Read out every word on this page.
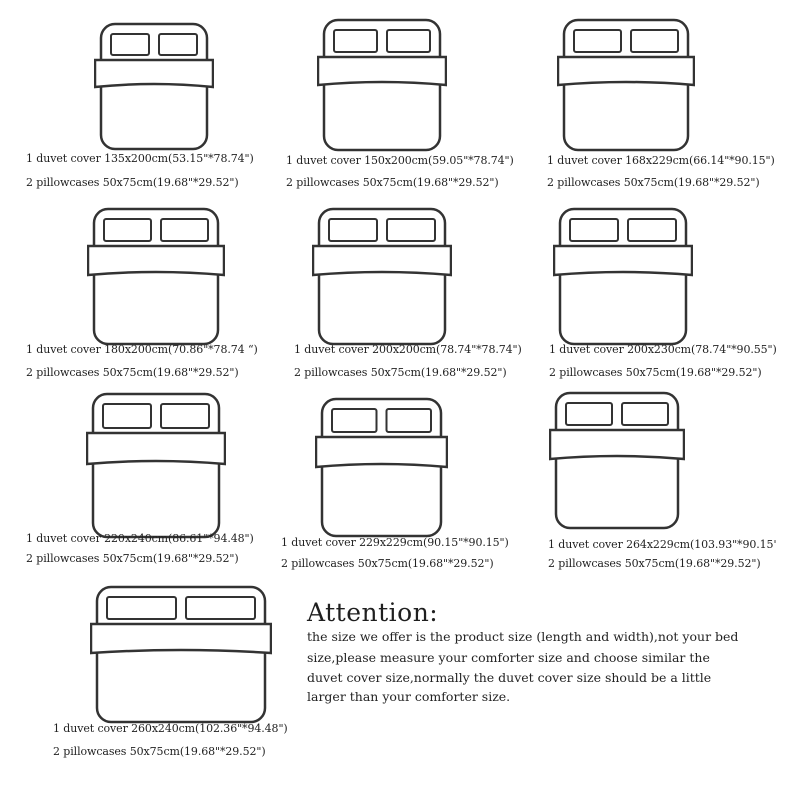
1 duvet cover 135x200cm(53.15"*78.74")
2 pillowcases 50x75cm(19.68"*29.52")
1 duvet cover 150x200cm(59.05"*78.74")
2 pillowcases 50x75cm(19.68"*29.52")
1 duvet cover 168x229cm(66.14"*90.15")
2 pillowcases 50x75cm(19.68"*29.52")
1 duvet cover 180x200cm(70.86"*78.74 “)
2 pillowcases 50x75cm(19.68"*29.52")
1 duvet cover 200x200cm(78.74"*78.74")
2 pillowcases 50x75cm(19.68"*29.52")
1 duvet cover 200x230cm(78.74"*90.55")
2 pillowcases 50x75cm(19.68"*29.52")
1 duvet cover 220x240cm(86.61"*94.48")
2 pillowcases 50x75cm(19.68"*29.52")
1 duvet cover 229x229cm(90.15"*90.15")
2 pillowcases 50x75cm(19.68"*29.52")
1 duvet cover 264x229cm(103.93"*90.15'
2 pillowcases 50x75cm(19.68"*29.52")
1 duvet cover 260x240cm(102.36"*94.48")
2 pillowcases 50x75cm(19.68"*29.52")
Attention:
the size we offer is the product size (length and width),not your bed
size,please measure your comforter size and choose similar the
duvet cover size,normally the duvet cover size should be a little
larger than your comforter size.
